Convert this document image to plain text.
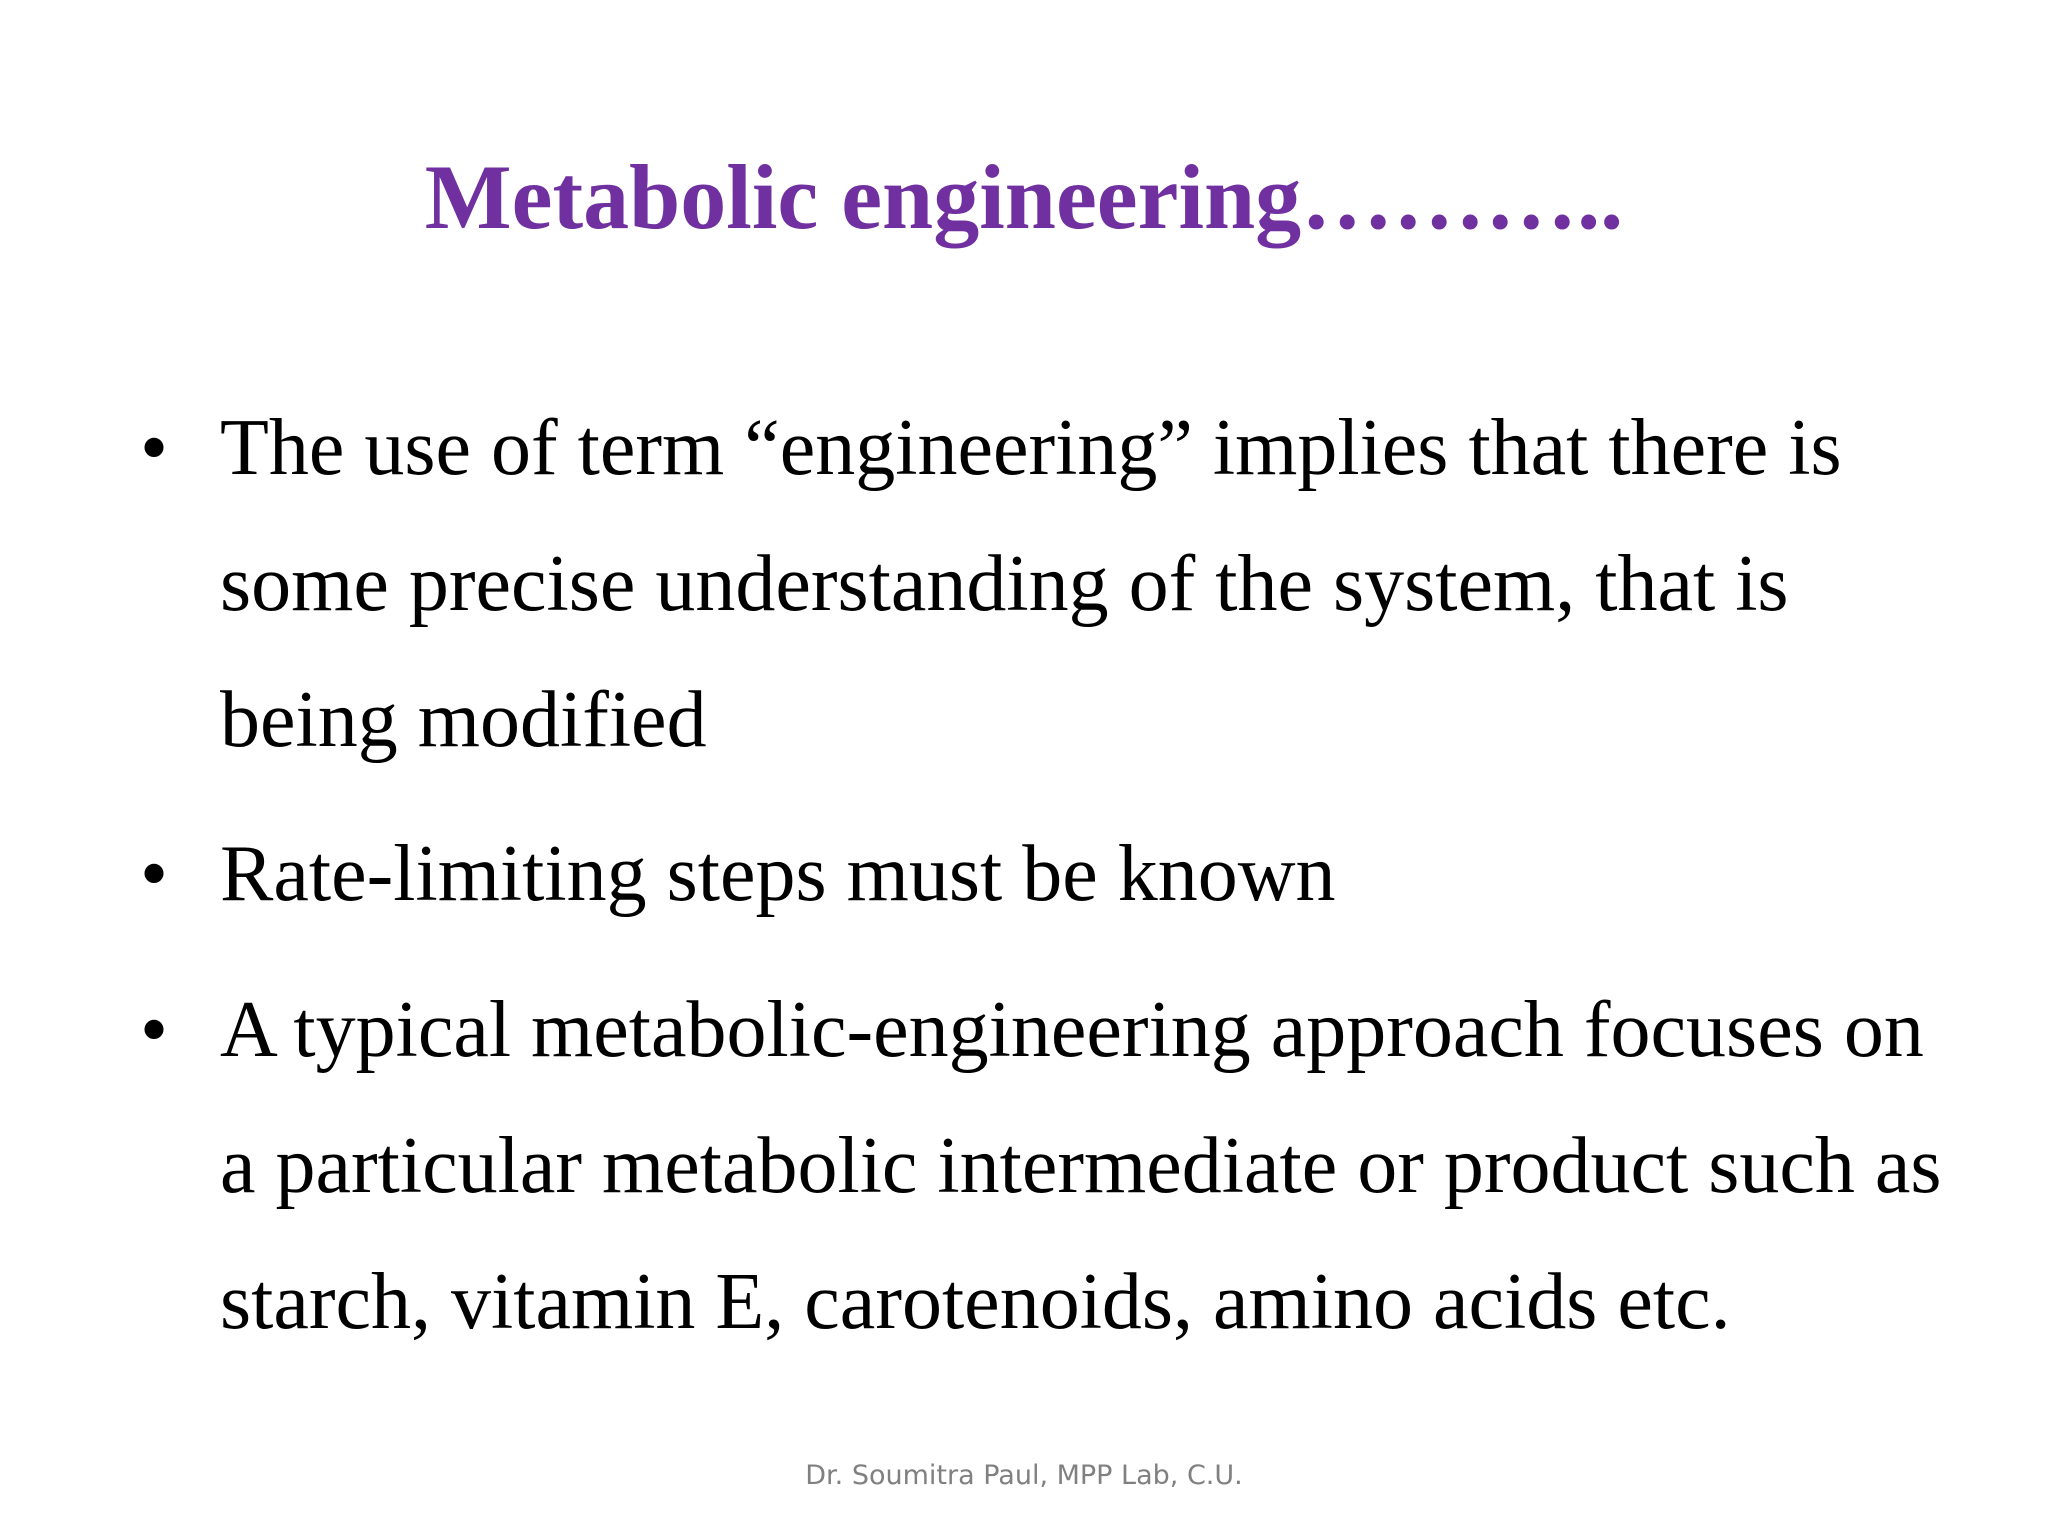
Metabolic engineering………..
• The use of term “engineering” implies that there is
some precise understanding of the system, that is
being modified
• Rate-limiting steps must be known
• A typical metabolic-engineering approach focuses on
a particular metabolic intermediate or product such as
starch, vitamin E, carotenoids, amino acids etc.
Dr. Soumitra Paul, MPP Lab, C.U.
